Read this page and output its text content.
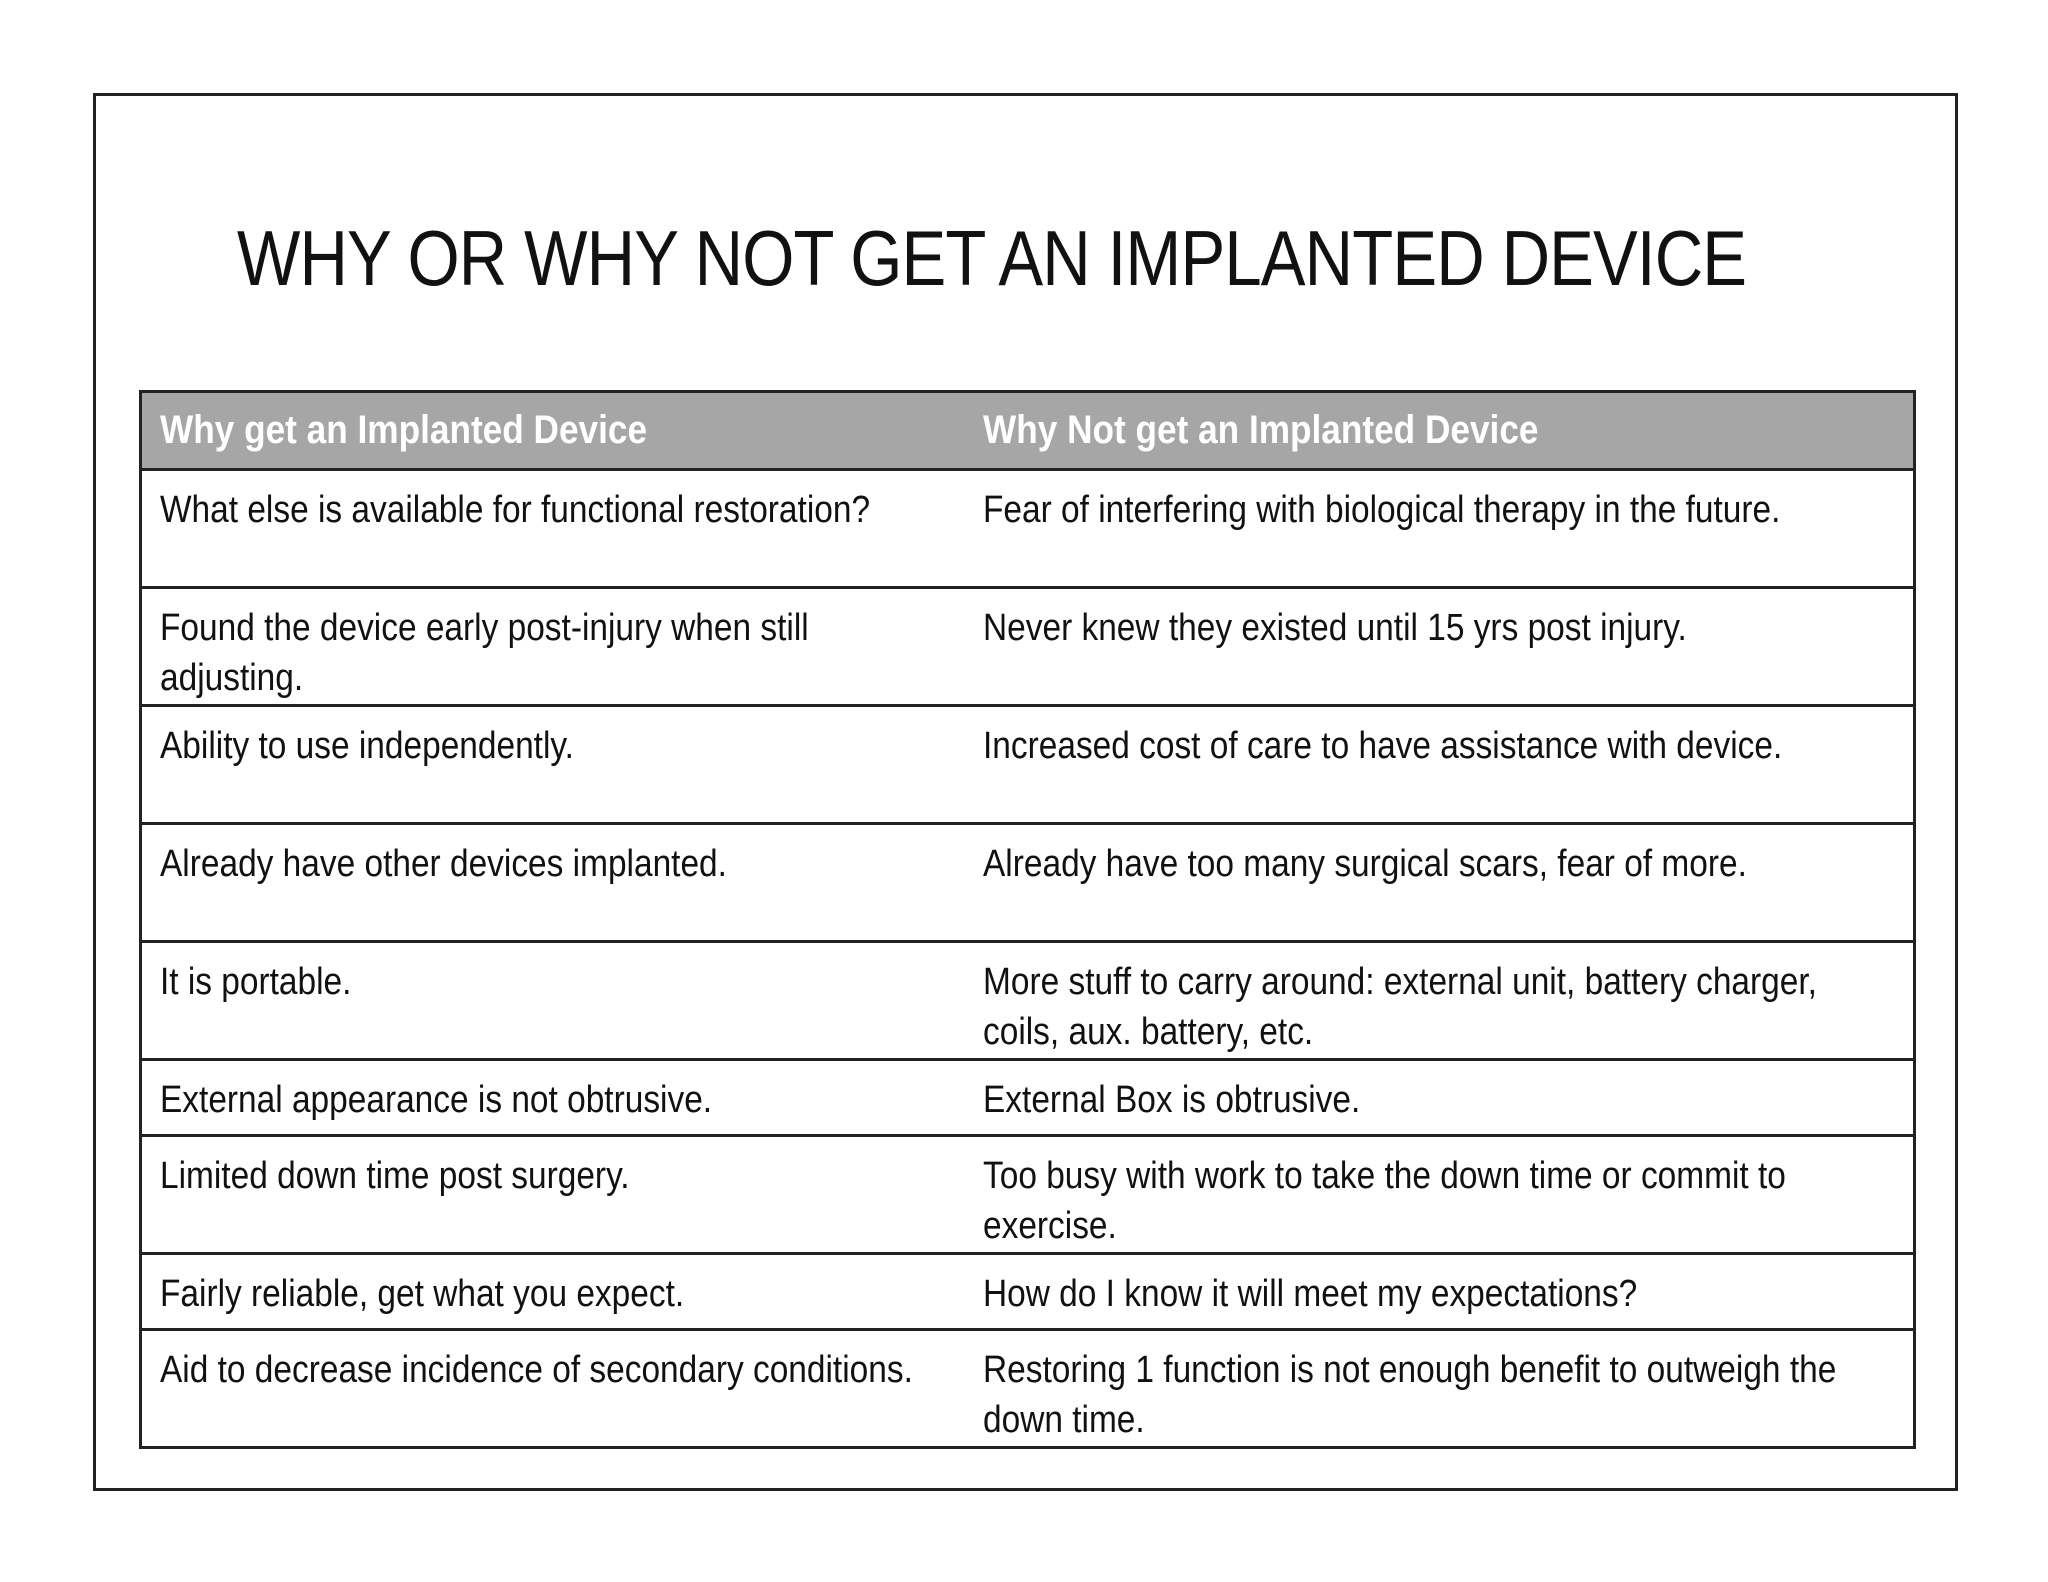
WHY OR WHY NOT GET AN IMPLANTED DEVICE
Why get an Implanted Device	Why Not get an Implanted Device
What else is available for functional restoration?	Fear of interfering with biological therapy in the future.
Found the device early post-injury when still adjusting.	Never knew they existed until 15 yrs post injury.
Ability to use independently.	Increased cost of care to have assistance with device.
Already have other devices implanted.	Already have too many surgical scars, fear of more.
It is portable.	More stuff to carry around: external unit, battery charger, coils, aux. battery, etc.
External appearance is not obtrusive.	External Box is obtrusive.
Limited down time post surgery.	Too busy with work to take the down time or commit to exercise.
Fairly reliable, get what you expect.	How do I know it will meet my expectations?
Aid to decrease incidence of secondary conditions.	Restoring 1 function is not enough benefit to outweigh the down time.
